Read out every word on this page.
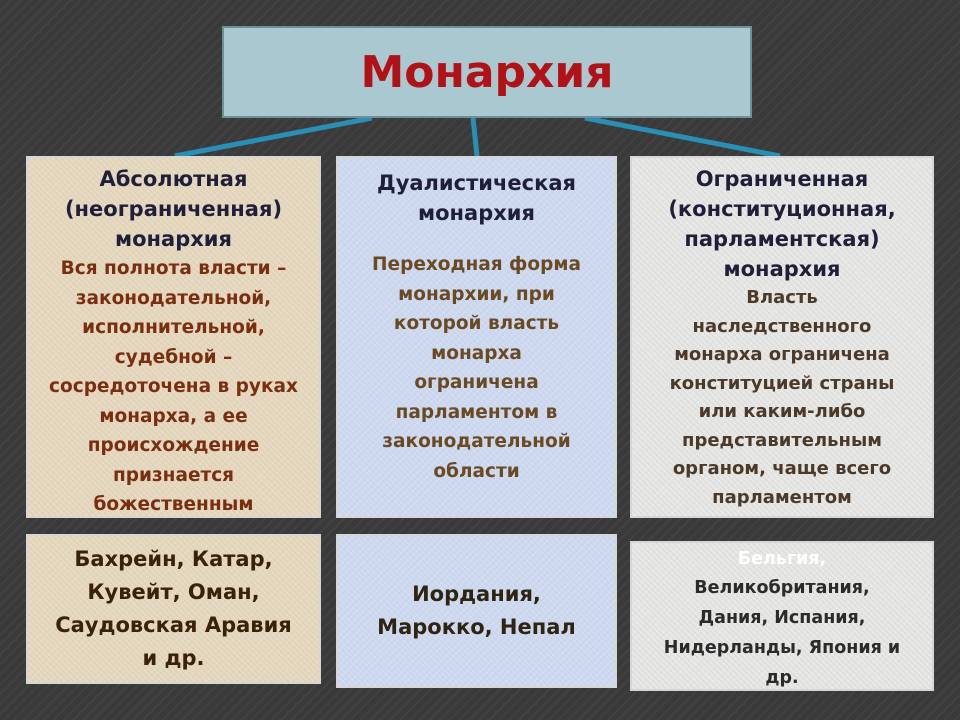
Монархия

Абсолютная
(неограниченная)
монархия

Вся полнота власти –
законодательной,
исполнительной,
судебной –
сосредоточена в руках
монарха, а ее
происхождение
признается
божественным

Дуалистическая
монархия

Переходная форма
монархии, при
которой власть
монарха
ограничена
парламентом в
законодательной
области

Ограниченная
(конституционная,
парламентская)
монархия

Власть
наследственного
монарха ограничена
конституцией страны
или каким-либо
представительным
органом, чаще всего
парламентом

Бахрейн, Катар,
Кувейт, Оман,
Саудовская Аравия
и др.

Иордания,
Марокко, Непал

Бельгия,

Великобритания,
Дания, Испания,
Нидерланды, Япония и
др.
